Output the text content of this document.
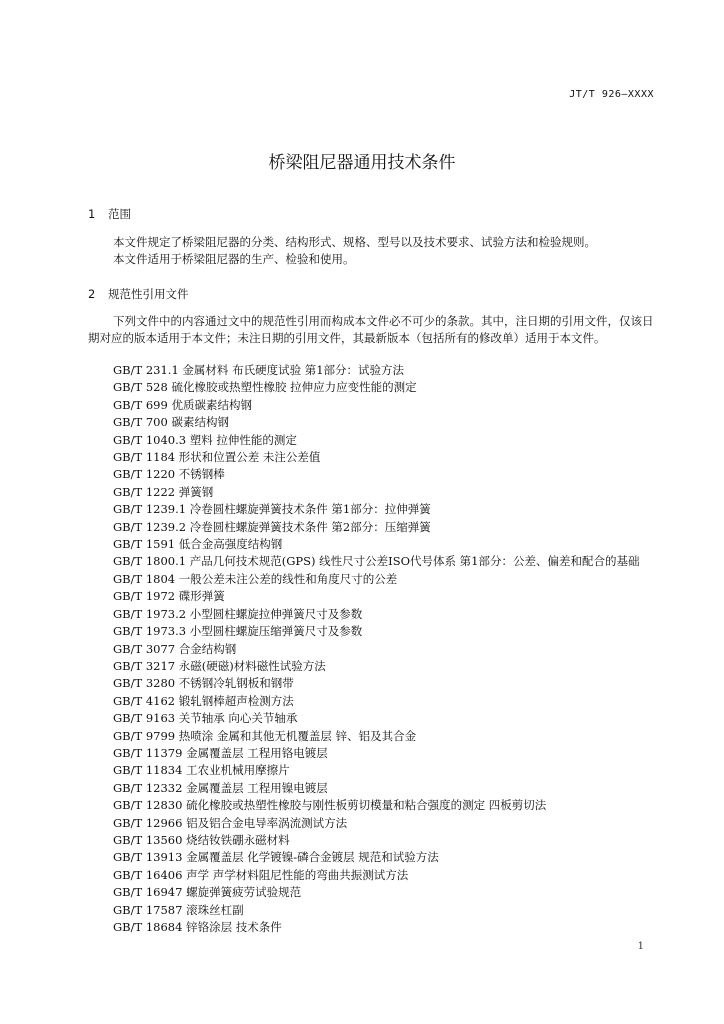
JT/T 926—XXXX
桥梁阻尼器通用技术条件
1 范围
本文件规定了桥梁阻尼器的分类、结构形式、规格、型号以及技术要求、试验方法和检验规则。
本文件适用于桥梁阻尼器的生产、检验和使用。
2 规范性引用文件
下列文件中的内容通过文中的规范性引用而构成本文件必不可少的条款。其中，注日期的引用文件，仅该日期对应的版本适用于本文件；未注日期的引用文件，其最新版本（包括所有的修改单）适用于本文件。
GB/T 231.1 金属材料 布氏硬度试验 第1部分：试验方法
GB/T 528 硫化橡胶或热塑性橡胶 拉伸应力应变性能的测定
GB/T 699 优质碳素结构钢
GB/T 700 碳素结构钢
GB/T 1040.3 塑料 拉伸性能的测定
GB/T 1184 形状和位置公差 未注公差值
GB/T 1220 不锈钢棒
GB/T 1222 弹簧钢
GB/T 1239.1 冷卷圆柱螺旋弹簧技术条件 第1部分：拉伸弹簧
GB/T 1239.2 冷卷圆柱螺旋弹簧技术条件 第2部分：压缩弹簧
GB/T 1591 低合金高强度结构钢
GB/T 1800.1 产品几何技术规范(GPS) 线性尺寸公差ISO代号体系 第1部分：公差、偏差和配合的基础
GB/T 1804 一般公差未注公差的线性和角度尺寸的公差
GB/T 1972 碟形弹簧
GB/T 1973.2 小型圆柱螺旋拉伸弹簧尺寸及参数
GB/T 1973.3 小型圆柱螺旋压缩弹簧尺寸及参数
GB/T 3077 合金结构钢
GB/T 3217 永磁(硬磁)材料磁性试验方法
GB/T 3280 不锈钢冷轧钢板和钢带
GB/T 4162 锻轧钢棒超声检测方法
GB/T 9163 关节轴承 向心关节轴承
GB/T 9799 热喷涂 金属和其他无机覆盖层 锌、铝及其合金
GB/T 11379 金属覆盖层 工程用铬电镀层
GB/T 11834 工农业机械用摩擦片
GB/T 12332 金属覆盖层 工程用镍电镀层
GB/T 12830 硫化橡胶或热塑性橡胶与刚性板剪切模量和粘合强度的测定 四板剪切法
GB/T 12966 铝及铝合金电导率涡流测试方法
GB/T 13560 烧结钕铁硼永磁材料
GB/T 13913 金属覆盖层 化学镀镍-磷合金镀层 规范和试验方法
GB/T 16406 声学 声学材料阻尼性能的弯曲共振测试方法
GB/T 16947 螺旋弹簧疲劳试验规范
GB/T 17587 滚珠丝杠副
GB/T 18684 锌铬涂层 技术条件
1
